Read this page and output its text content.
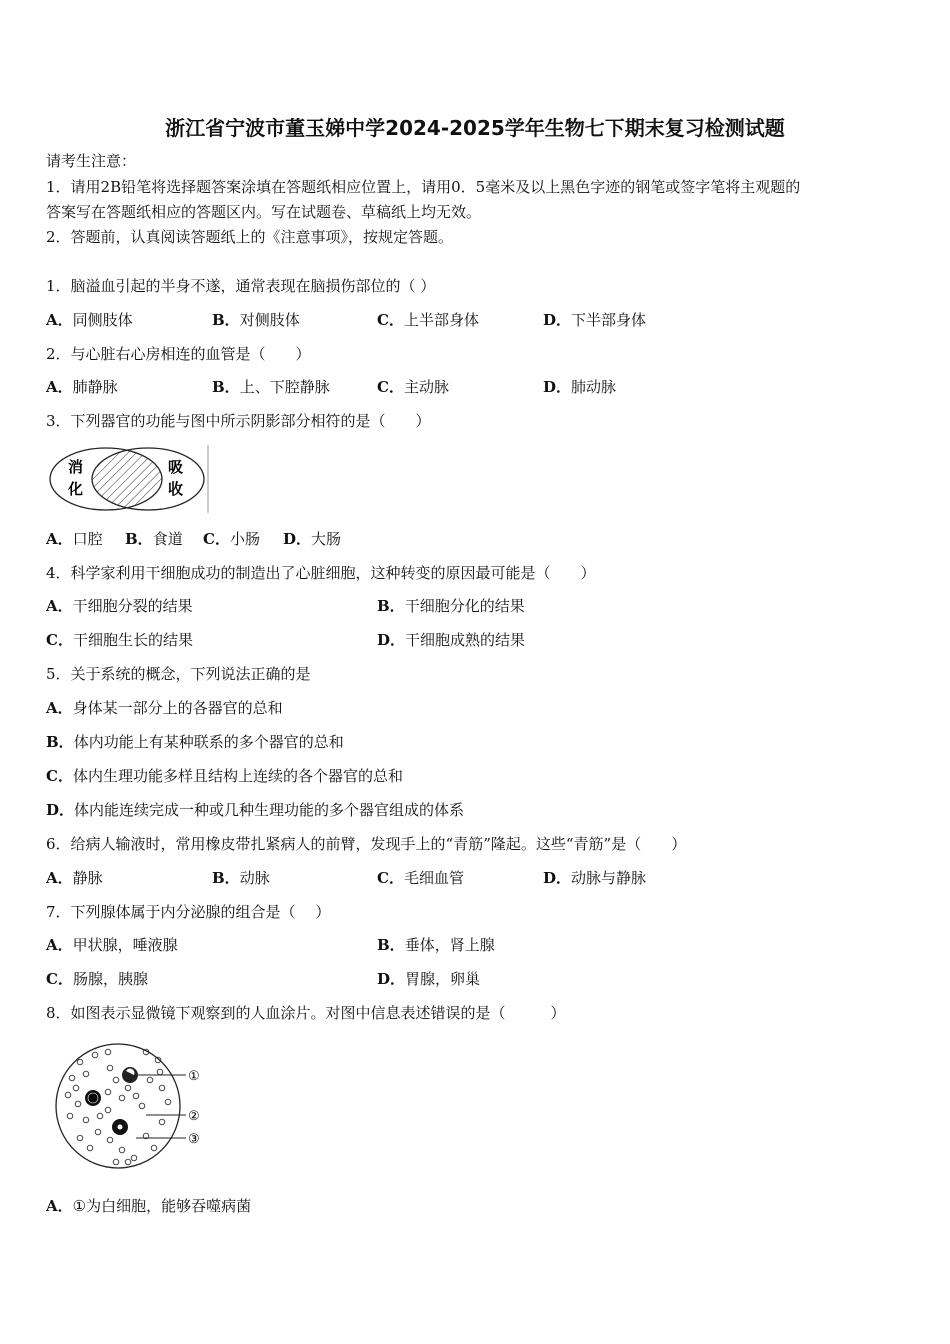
浙江省宁波市董玉娣中学2024-2025学年生物七下期末复习检测试题
请考生注意：
1．请用2B铅笔将选择题答案涂填在答题纸相应位置上，请用0．5毫米及以上黑色字迹的钢笔或签字笔将主观题的
答案写在答题纸相应的答题区内。写在试题卷、草稿纸上均无效。
2．答题前，认真阅读答题纸上的《注意事项》，按规定答题。
1．脑溢血引起的半身不遂，通常表现在脑损伤部位的（ ）
A．同侧肢体	B．对侧肢体	C．上半部身体	D．下半部身体
2．与心脏右心房相连的血管是（　　）
A．肺静脉	B．上、下腔静脉	C．主动脉	D．肺动脉
3．下列器官的功能与图中所示阴影部分相符的是（　　）
消
化
吸
收
A．口腔 B．食道 C．小肠 D．大肠
4．科学家利用干细胞成功的制造出了心脏细胞，这种转变的原因最可能是（　　）
A．干细胞分裂的结果	B．干细胞分化的结果
C．干细胞生长的结果	D．干细胞成熟的结果
5．关于系统的概念，下列说法正确的是
A．身体某一部分上的各器官的总和
B．体内功能上有某种联系的多个器官的总和
C．体内生理功能多样且结构上连续的各个器官的总和
D．体内能连续完成一种或几种生理功能的多个器官组成的体系
6．给病人输液时，常用橡皮带扎紧病人的前臂，发现手上的“青筋”隆起。这些“青筋”是（　　）
A．静脉	B．动脉	C．毛细血管	D．动脉与静脉
7．下列腺体属于内分泌腺的组合是（　 ）
A．甲状腺，唾液腺	B．垂体，肾上腺
C．肠腺，胰腺	D．胃腺，卵巢
8．如图表示显微镜下观察到的人血涂片。对图中信息表述错误的是（　　　）
①
②
③
A．①为白细胞，能够吞噬病菌
